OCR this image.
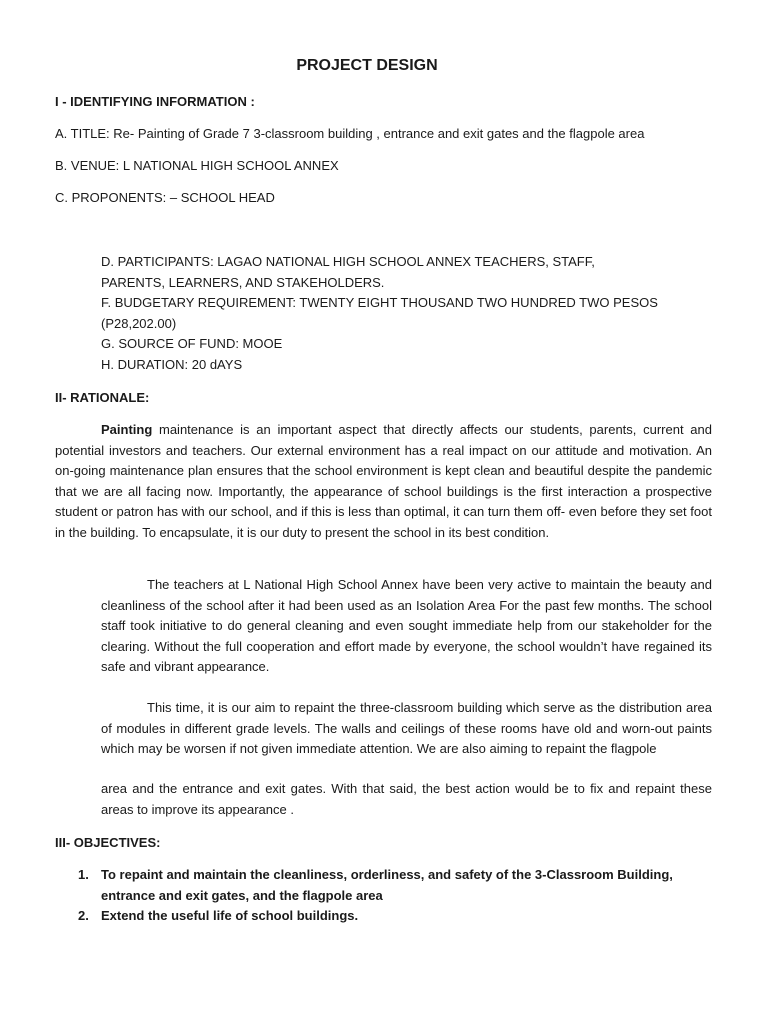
PROJECT DESIGN
I - IDENTIFYING INFORMATION :
A. TITLE: Re- Painting of Grade 7 3-classroom building , entrance and exit gates and the flagpole area
B. VENUE: L NATIONAL HIGH SCHOOL ANNEX
C. PROPONENTS: – SCHOOL HEAD
D. PARTICIPANTS: LAGAO NATIONAL HIGH SCHOOL ANNEX TEACHERS, STAFF, PARENTS, LEARNERS, AND STAKEHOLDERS.
F. BUDGETARY REQUIREMENT: TWENTY EIGHT THOUSAND TWO HUNDRED TWO PESOS (P28,202.00)
G. SOURCE OF FUND: MOOE
H. DURATION: 20 dAYS
II- RATIONALE:
Painting maintenance is an important aspect that directly affects our students, parents, current and potential investors and teachers. Our external environment has a real impact on our attitude and motivation. An on-going maintenance plan ensures that the school environment is kept clean and beautiful despite the pandemic that we are all facing now. Importantly, the appearance of school buildings is the first interaction a prospective student or patron has with our school, and if this is less than optimal, it can turn them off- even before they set foot in the building. To encapsulate, it is our duty to present the school in its best condition.
The teachers at L National High School Annex have been very active to maintain the beauty and cleanliness of the school after it had been used as an Isolation Area For the past few months. The school staff took initiative to do general cleaning and even sought immediate help from our stakeholder for the clearing. Without the full cooperation and effort made by everyone, the school wouldn’t have regained its safe and vibrant appearance.
This time, it is our aim to repaint the three-classroom building which serve as the distribution area of modules in different grade levels. The walls and ceilings of these rooms have old and worn-out paints which may be worsen if not given immediate attention. We are also aiming to repaint the flagpole
area and the entrance and exit gates. With that said, the best action would be to fix and repaint these areas to improve its appearance .
III- OBJECTIVES:
1. To repaint and maintain the cleanliness, orderliness, and safety of the 3-Classroom Building, entrance and exit gates, and the flagpole area
2. Extend the useful life of school buildings.
